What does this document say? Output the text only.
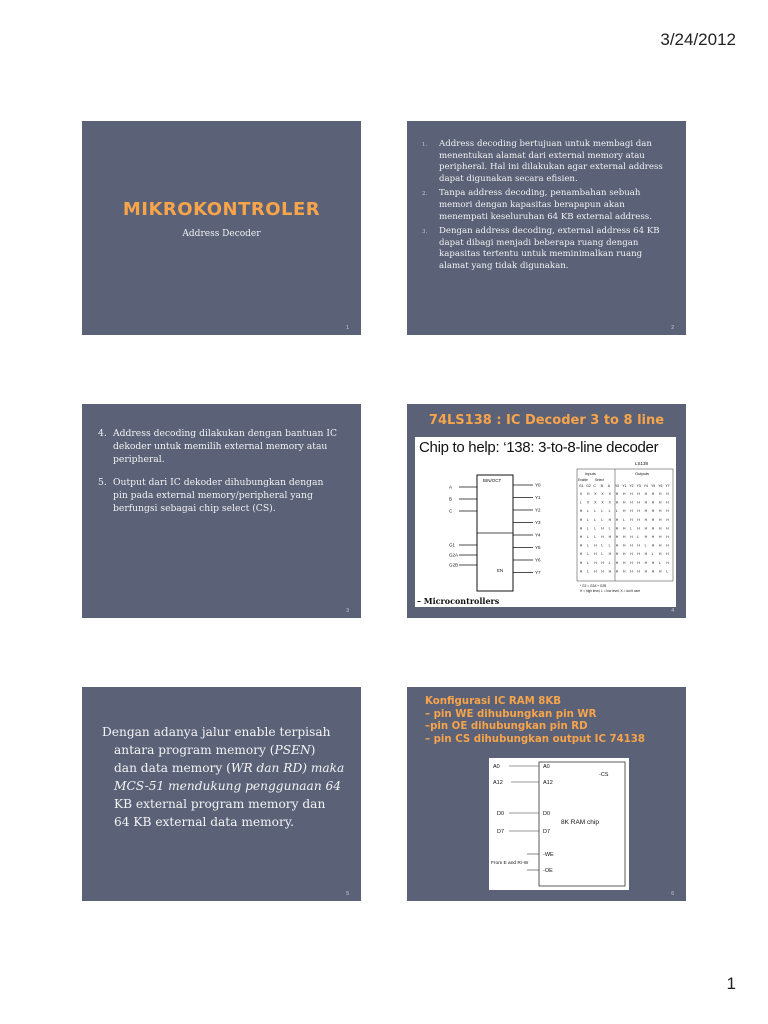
3/24/2012
MIKROKONTROLER
Address Decoder
1
1.	Address decoding bertujuan untuk membagi dan menentukan alamat dari external memory atau peripheral. Hal ini dilakukan agar external address dapat digunakan secara efisien.
2.	Tanpa address decoding, penambahan sebuah memori dengan kapasitas berapapun akan menempati keseluruhan 64 KB external address.
3.	Dengan address decoding, external address 64 KB dapat dibagi menjadi beberapa ruang dengan kapasitas tertentu untuk meminimalkan ruang alamat yang tidak digunakan.
2
4. Address decoding dilakukan dengan bantuan IC dekoder untuk memilih external memory atau peripheral.
5. Output dari IC dekoder dihubungkan dengan pin pada external memory/peripheral yang berfungsi sebagai chip select (CS).
3
74LS138 : IC Decoder 3 to 8 line
Chip to help: ‘138: 3-to-8-line decoder
BIN/OCT
EN
A
B
C
G1
G2A
G2B
Y0
Y1
Y2
Y3
Y4
Y5
Y6
Y7
LS138
Inputs	Outputs
Enable Select
G1 G2 C B A Y0 Y1 Y2 Y3 Y4 Y5 Y6 Y7
X H X X X H H H H H H H H
L X X X X H H H H H H H H
H L L L L L H H H H H H H
H L L L H H L H H H H H H
H L L H L H H L H H H H H
H L L H H H H H L H H H H
H L H L L H H H H L H H H
H L H L H H H H H H L H H
H L H H L H H H H H H L H
H L H H H H H H H H H H L
* G2 = G2A + G2B
H = high level, L = low level, X = don't care
– Microcontrollers
4
Dengan adanya jalur enable terpisah
antara program memory (PSEN)
dan data memory (WR dan RD) maka
MCS-51 mendukung penggunaan 64
KB external program memory dan
64 KB external data memory.
5
Konfigurasi IC RAM 8KB
– pin WE dihubungkan pin WR
–pin OE dihubungkan pin RD
– pin CS dihubungkan output IC 74138
A0
A12
D0
D7
A0
A12
D0
D7
-WE
-OE
-CS
8K RAM chip
From E and R/-W
6
1
